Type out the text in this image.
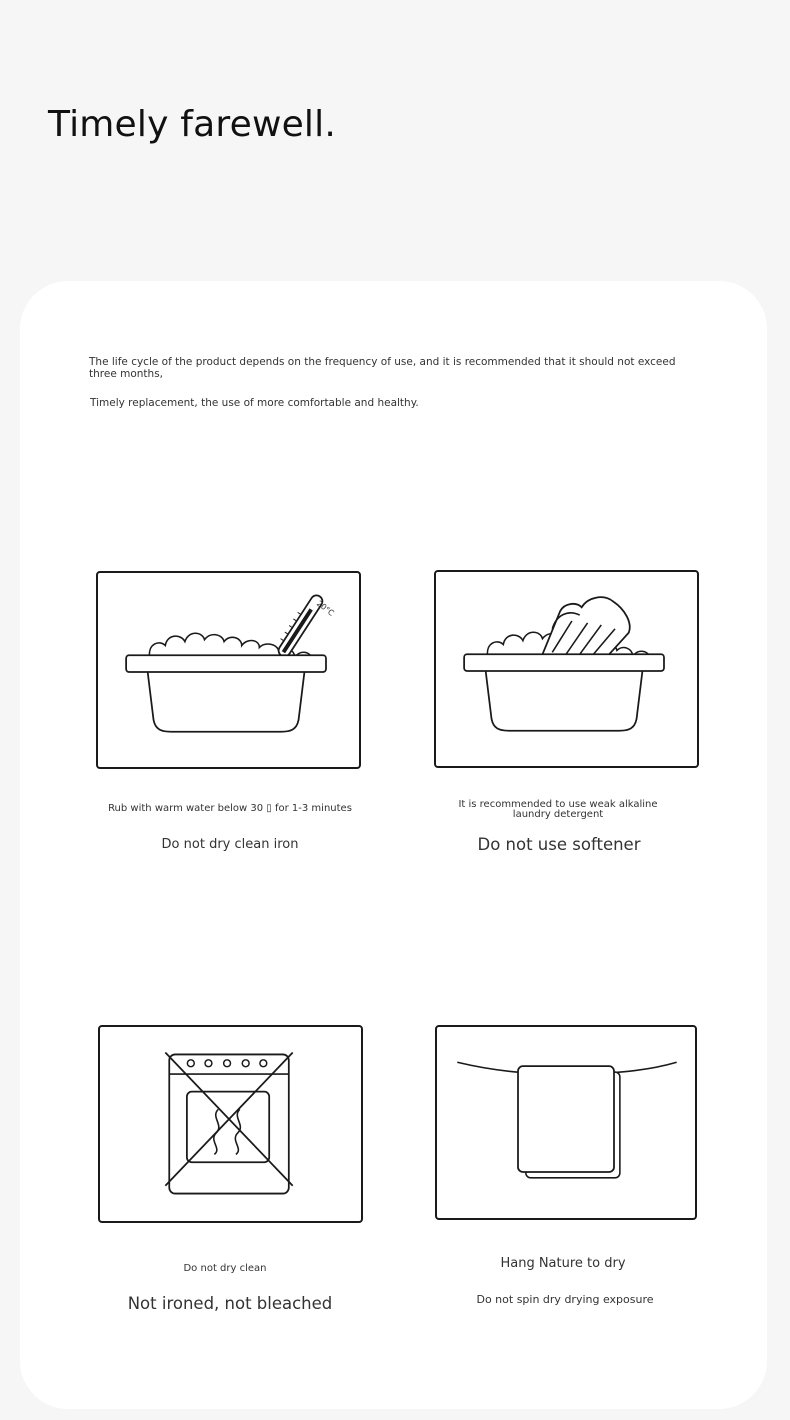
Timely farewell.
The life cycle of the product depends on the frequency of use, and it is recommended that it should not exceed three months,
Timely replacement, the use of more comfortable and healthy.
20°C
Rub with warm water below 30 ▯ for 1-3 minutes
Do not dry clean iron
It is recommended to use weak alkaline laundry detergent
Do not use softener
Do not dry clean
Not ironed, not bleached
Hang Nature to dry
Do not spin dry drying exposure
